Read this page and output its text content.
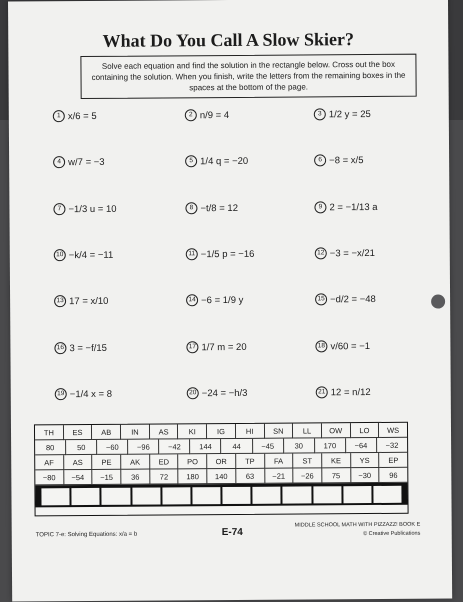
What Do You Call A Slow Skier?
Solve each equation and find the solution in the rectangle below. Cross out the box containing the solution. When you finish, write the letters from the remaining boxes in the spaces at the bottom of the page.
1 x/6 = 5	2 n/9 = 4	3 1/2 y = 25
4 w/7 = −3	5 1/4 q = −20	6 −8 = x/5
7 −1/3 u = 10	8 −t/8 = 12	9 2 = −1/13 a
10 −k/4 = −11	11 −1/5 p = −16	12 −3 = −x/21
13 17 = x/10	14 −6 = 1/9 y	15 −d/2 = −48
16 3 = −f/15	17 1/7 m = 20	18 v/60 = −1
19 −1/4 x = 8	20 −24 = −h/3	21 12 = n/12
TH	ES	AB	IN	AS	KI	IG	HI	SN	LL	OW	LO	WS
80	50	−60	−96	−42	144	44	−45	30	170	−64	−32
AF	AS	PE	AK	ED	PO	OR	TP	FA	ST	KE	YS	EP
−80	−54	−15	36	72	180	140	63	−21	−26	75	−30	96
TOPIC 7-e: Solving Equations: x/a = b	E-74
MIDDLE SCHOOL MATH WITH PIZZAZZ! BOOK E
© Creative Publications
